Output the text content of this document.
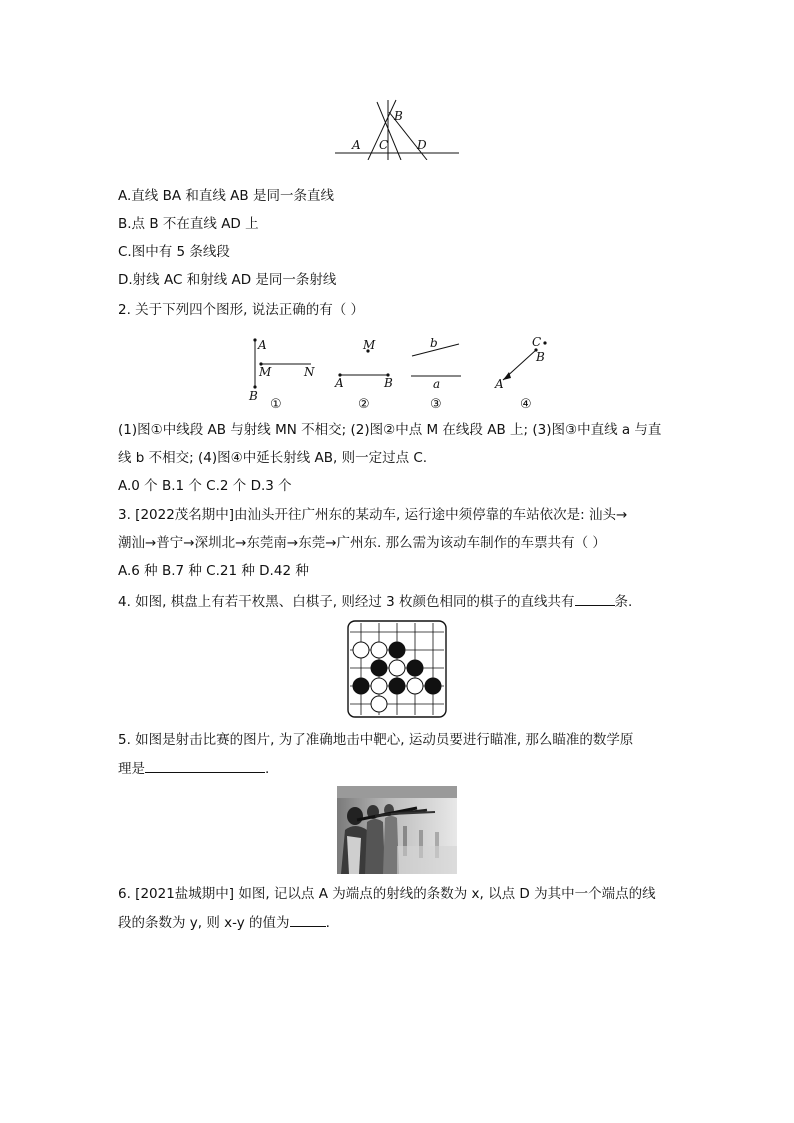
B
A C D
A.直线 BA 和直线 AB 是同一条直线
B.点 B 不在直线 AD 上
C.图中有 5 条线段
D.射线 AC 和射线 AD 是同一条射线
2. 关于下列四个图形, 说法正确的有（ ）
A
B
M	N
①
M
A	B
②
b
a
③
C
B
A
④
(1)图①中线段 AB 与射线 MN 不相交; (2)图②中点 M 在线段 AB 上; (3)图③中直线 a 与直
线 b 不相交; (4)图④中延长射线 AB, 则一定过点 C.
A.0 个 B.1 个 C.2 个 D.3 个
3. [2022茂名期中]由汕头开往广州东的某动车, 运行途中须停靠的车站依次是: 汕头→
潮汕→普宁→深圳北→东莞南→东莞→广州东. 那么需为该动车制作的车票共有（ ）
A.6 种 B.7 种 C.21 种 D.42 种
4. 如图, 棋盘上有若干枚黑、白棋子, 则经过 3 枚颜色相同的棋子的直线共有	条.
5. 如图是射击比赛的图片, 为了准确地击中靶心, 运动员要进行瞄准, 那么瞄准的数学原
理是	.
6. [2021盐城期中] 如图, 记以点 A 为端点的射线的条数为 x, 以点 D 为其中一个端点的线
段的条数为 y, 则 x-y 的值为	.
